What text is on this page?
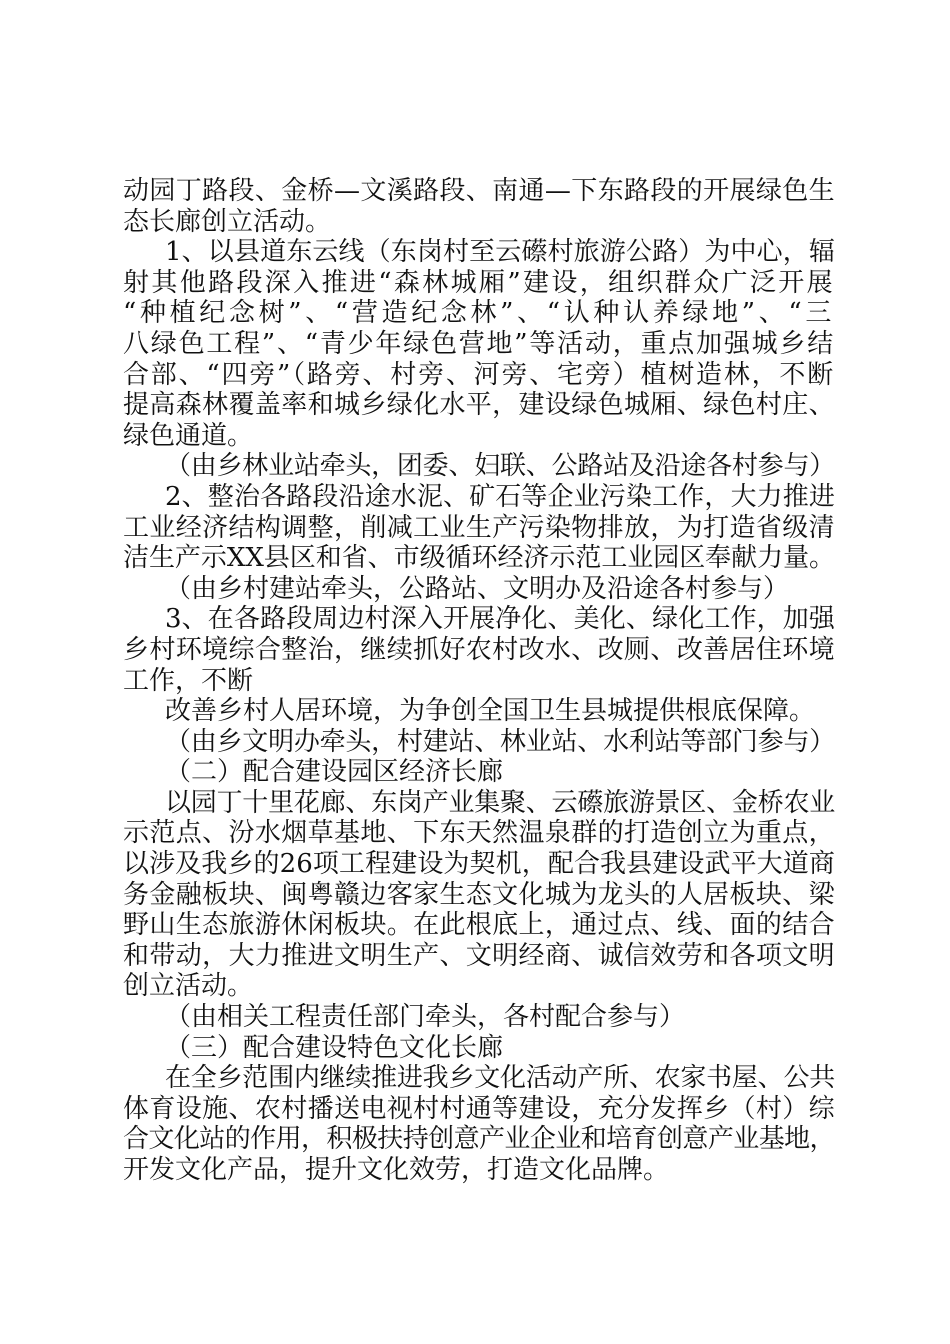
动园丁路段、金桥—文溪路段、南通—下东路段的开展绿色生
态长廊创立活动。
1、以县道东云线（东岗村至云礤村旅游公路）为中心，辐
射其他路段深入推进“森林城厢”建设，组织群众广泛开展
“种植纪念树”、“营造纪念林”、“认种认养绿地”、“三
八绿色工程”、“青少年绿色营地”等活动，重点加强城乡结
合部、“四旁”（路旁、村旁、河旁、宅旁）植树造林，不断
提高森林覆盖率和城乡绿化水平，建设绿色城厢、绿色村庄、
绿色通道。
（由乡林业站牵头，团委、妇联、公路站及沿途各村参与）
2、整治各路段沿途水泥、矿石等企业污染工作，大力推进
工业经济结构调整，削减工业生产污染物排放，为打造省级清
洁生产示XX县区和省、市级循环经济示范工业园区奉献力量。
（由乡村建站牵头，公路站、文明办及沿途各村参与）
3、在各路段周边村深入开展净化、美化、绿化工作，加强
乡村环境综合整治，继续抓好农村改水、改厕、改善居住环境
工作，不断
改善乡村人居环境，为争创全国卫生县城提供根底保障。
（由乡文明办牵头，村建站、林业站、水利站等部门参与）
（二）配合建设园区经济长廊
以园丁十里花廊、东岗产业集聚、云礤旅游景区、金桥农业
示范点、汾水烟草基地、下东天然温泉群的打造创立为重点，
以涉及我乡的26项工程建设为契机，配合我县建设武平大道商
务金融板块、闽粤赣边客家生态文化城为龙头的人居板块、梁
野山生态旅游休闲板块。在此根底上，通过点、线、面的结合
和带动，大力推进文明生产、文明经商、诚信效劳和各项文明
创立活动。
（由相关工程责任部门牵头，各村配合参与）
（三）配合建设特色文化长廊
在全乡范围内继续推进我乡文化活动产所、农家书屋、公共
体育设施、农村播送电视村村通等建设，充分发挥乡（村）综
合文化站的作用，积极扶持创意产业企业和培育创意产业基地，
开发文化产品，提升文化效劳，打造文化品牌。
